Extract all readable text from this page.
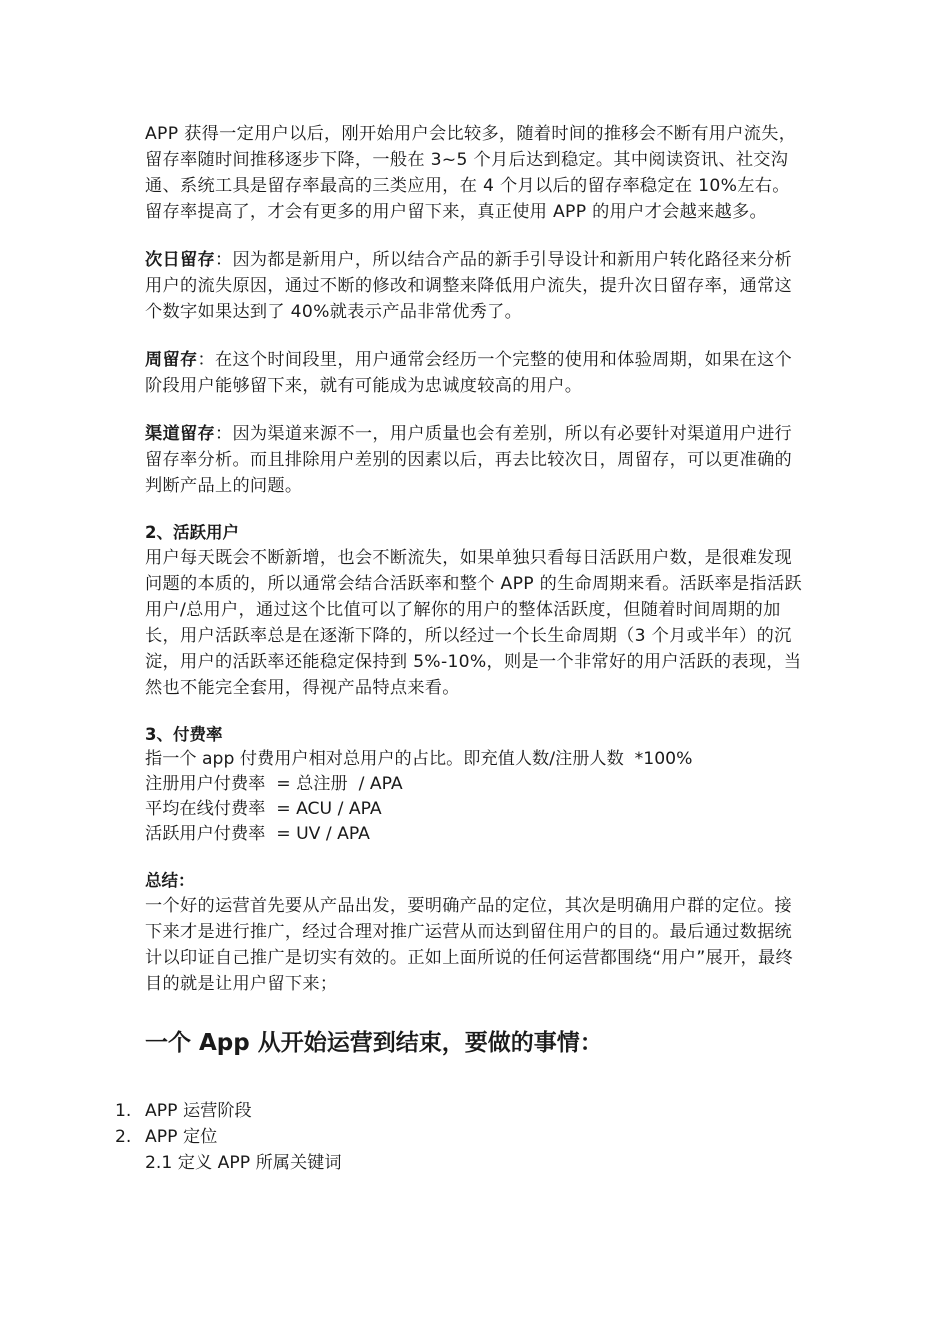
APP 获得一定用户以后，刚开始用户会比较多，随着时间的推移会不断有用户流失，留存率随时间推移逐步下降，一般在 3~5 个月后达到稳定。其中阅读资讯、社交沟通、系统工具是留存率最高的三类应用，在 4 个月以后的留存率稳定在 10%左右。 留存率提高了，才会有更多的用户留下来，真正使用 APP 的用户才会越来越多。

次日留存：因为都是新用户，所以结合产品的新手引导设计和新用户转化路径来分析用户的流失原因，通过不断的修改和调整来降低用户流失，提升次日留存率，通常这个数字如果达到了 40%就表示产品非常优秀了。

周留存：在这个时间段里，用户通常会经历一个完整的使用和体验周期，如果在这个阶段用户能够留下来，就有可能成为忠诚度较高的用户。

渠道留存：因为渠道来源不一，用户质量也会有差别，所以有必要针对渠道用户进行留存率分析。而且排除用户差别的因素以后，再去比较次日，周留存，可以更准确的判断产品上的问题。

2、活跃用户

用户每天既会不断新增，也会不断流失，如果单独只看每日活跃用户数，是很难发现问题的本质的，所以通常会结合活跃率和整个 APP 的生命周期来看。活跃率是指活跃用户/总用户，通过这个比值可以了解你的用户的整体活跃度，但随着时间周期的加长，用户活跃率总是在逐渐下降的，所以经过一个长生命周期（3 个月或半年）的沉淀，用户的活跃率还能稳定保持到 5%-10%，则是一个非常好的用户活跃的表现，当然也不能完全套用，得视产品特点来看。

3、付费率

指一个 app 付费用户相对总用户的占比。即充值人数/注册人数  *100%

注册用户付费率  = 总注册  / APA

平均在线付费率  = ACU / APA

活跃用户付费率  = UV / APA

总结：

一个好的运营首先要从产品出发，要明确产品的定位，其次是明确用户群的定位。接下来才是进行推广，经过合理对推广运营从而达到留住用户的目的。最后通过数据统计以印证自己推广是切实有效的。正如上面所说的任何运营都围绕“用户”展开，最终目的就是让用户留下来；

一个 App 从开始运营到结束，要做的事情：

1. APP 运营阶段

2. APP 定位

2.1 定义 APP 所属关键词
